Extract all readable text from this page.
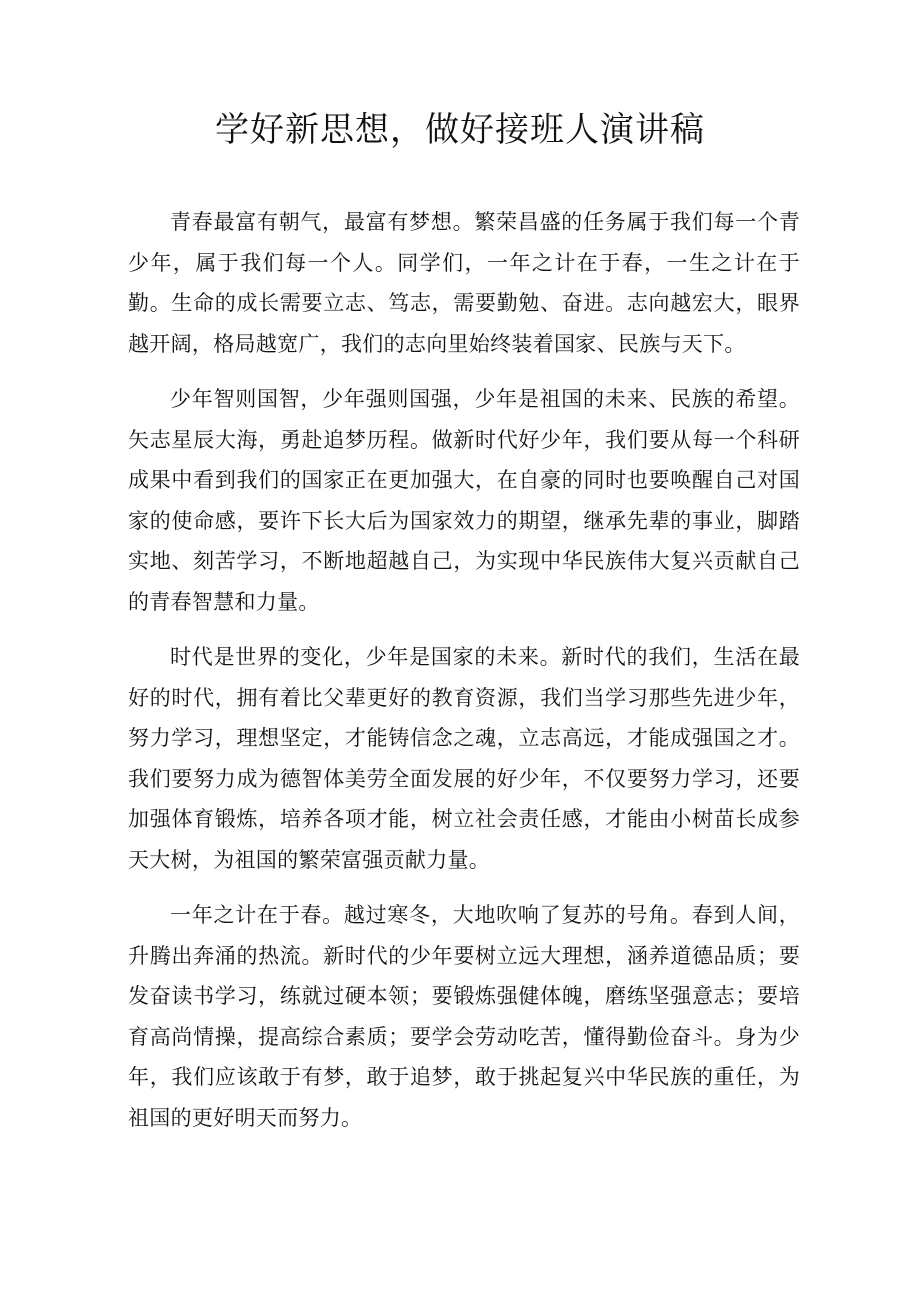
学好新思想，做好接班人演讲稿

青春最富有朝气，最富有梦想。繁荣昌盛的任务属于我们每一个青少年，属于我们每一个人。同学们，一年之计在于春，一生之计在于勤。生命的成长需要立志、笃志，需要勤勉、奋进。志向越宏大，眼界越开阔，格局越宽广，我们的志向里始终装着国家、民族与天下。

少年智则国智，少年强则国强，少年是祖国的未来、民族的希望。矢志星辰大海，勇赴追梦历程。做新时代好少年，我们要从每一个科研成果中看到我们的国家正在更加强大，在自豪的同时也要唤醒自己对国家的使命感，要许下长大后为国家效力的期望，继承先辈的事业，脚踏实地、刻苦学习，不断地超越自己，为实现中华民族伟大复兴贡献自己的青春智慧和力量。

时代是世界的变化，少年是国家的未来。新时代的我们，生活在最好的时代，拥有着比父辈更好的教育资源，我们当学习那些先进少年，努力学习，理想坚定，才能铸信念之魂，立志高远，才能成强国之才。我们要努力成为德智体美劳全面发展的好少年，不仅要努力学习，还要加强体育锻炼，培养各项才能，树立社会责任感，才能由小树苗长成参天大树，为祖国的繁荣富强贡献力量。

一年之计在于春。越过寒冬，大地吹响了复苏的号角。春到人间，升腾出奔涌的热流。新时代的少年要树立远大理想，涵养道德品质；要发奋读书学习，练就过硬本领；要锻炼强健体魄，磨练坚强意志；要培育高尚情操，提高综合素质；要学会劳动吃苦，懂得勤俭奋斗。身为少年，我们应该敢于有梦，敢于追梦，敢于挑起复兴中华民族的重任，为祖国的更好明天而努力。
